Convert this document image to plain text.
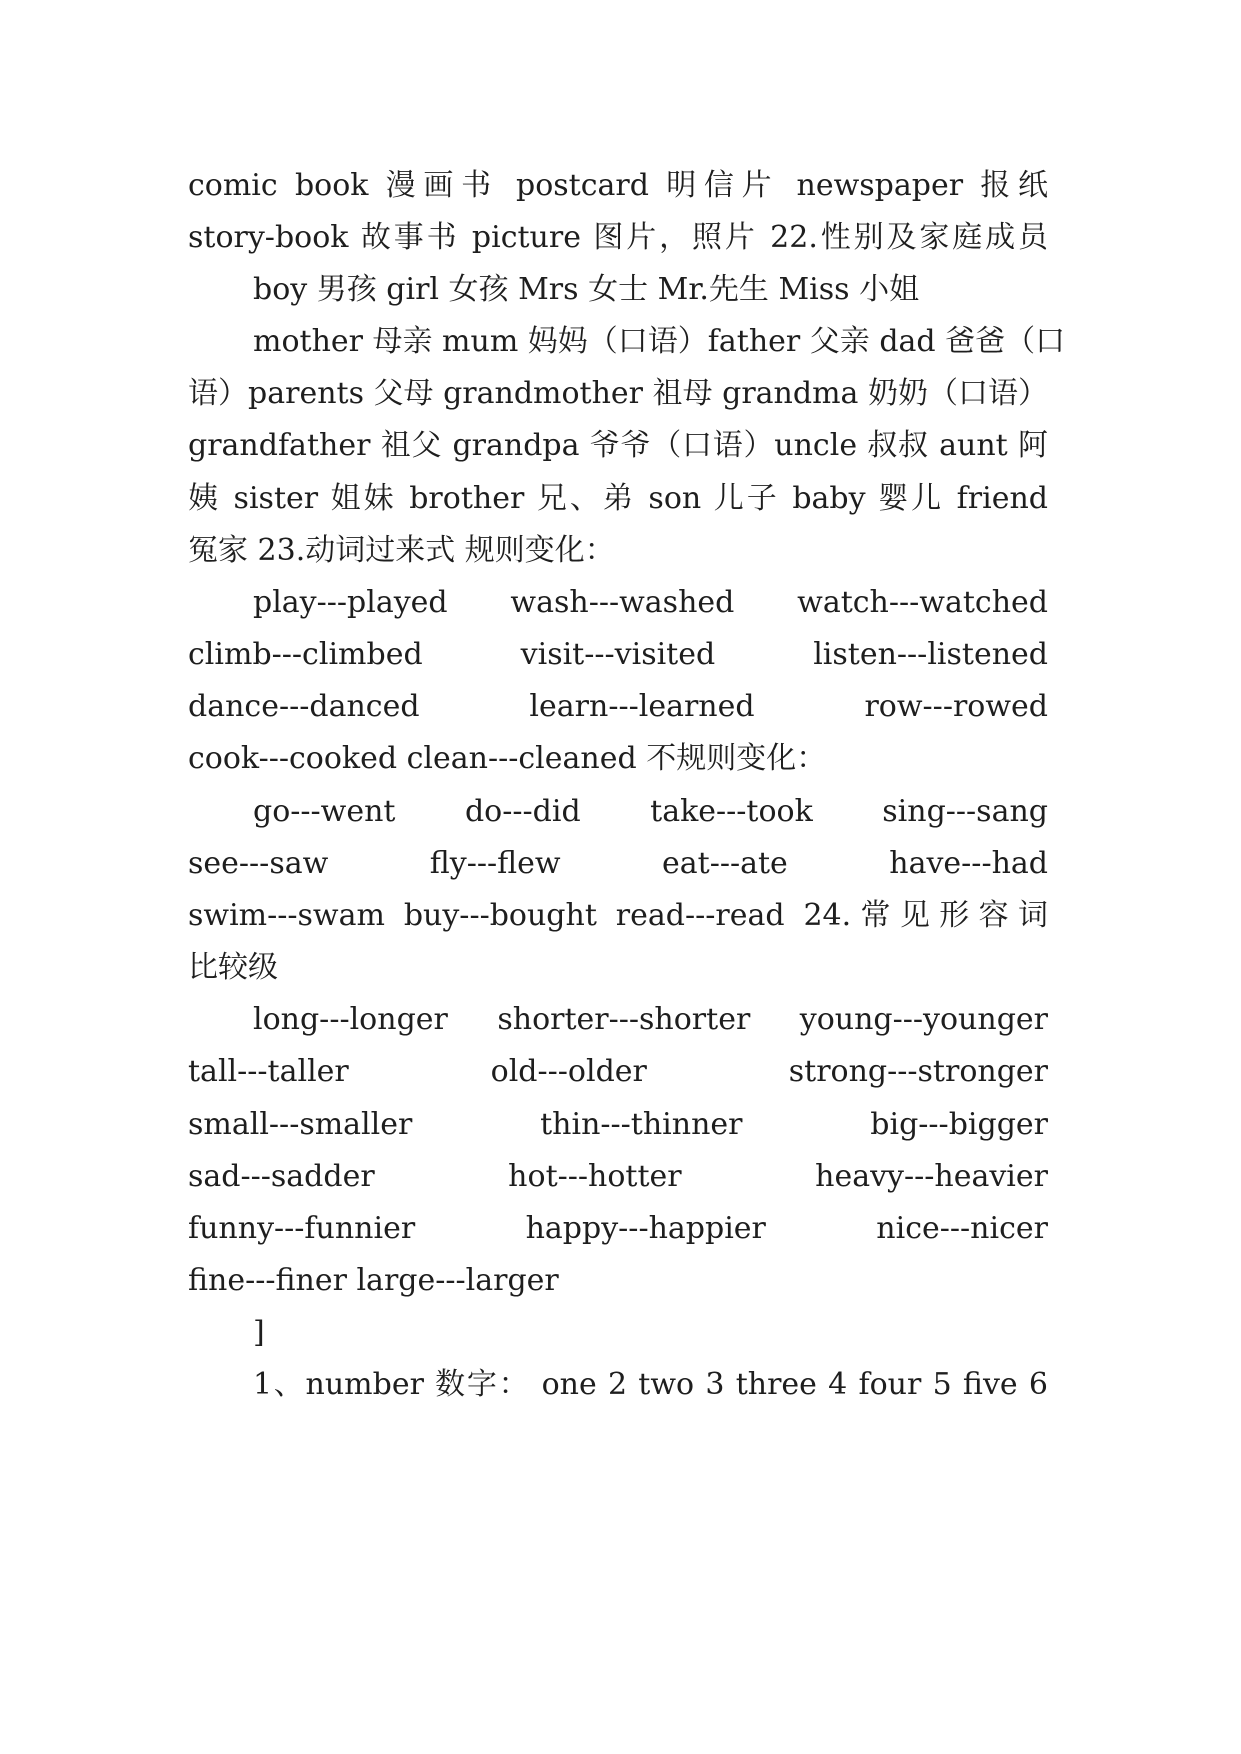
comic book 漫画书 postcard 明信片 newspaper 报纸
story-book 故事书 picture 图片，照片 22.性别及家庭成员
boy 男孩 girl 女孩 Mrs 女士 Mr.先生 Miss 小姐
mother 母亲 mum 妈妈（口语）father 父亲 dad 爸爸（口
语）parents 父母 grandmother 祖母 grandma 奶奶（口语）
grandfather 祖父 grandpa 爷爷（口语）uncle 叔叔 aunt 阿
姨 sister 姐妹 brother 兄、弟 son 儿子 baby 婴儿 friend
冤家 23.动词过来式 规则变化：
play---played wash---washed watch---watched
climb---climbed visit---visited listen---listened
dance---danced learn---learned row---rowed
cook---cooked clean---cleaned 不规则变化：
go---went do---did take---took sing---sang
see---saw fly---flew eat---ate have---had
swim---swam buy---bought read---read 24.常见形容词
比较级
long---longer shorter---shorter young---younger
tall---taller old---older strong---stronger
small---smaller thin---thinner big---bigger
sad---sadder hot---hotter heavy---heavier
funny---funnier happy---happier nice---nicer
fine---finer large---larger
]
1、number 数字： one 2 two 3 three 4 four 5 five 6
